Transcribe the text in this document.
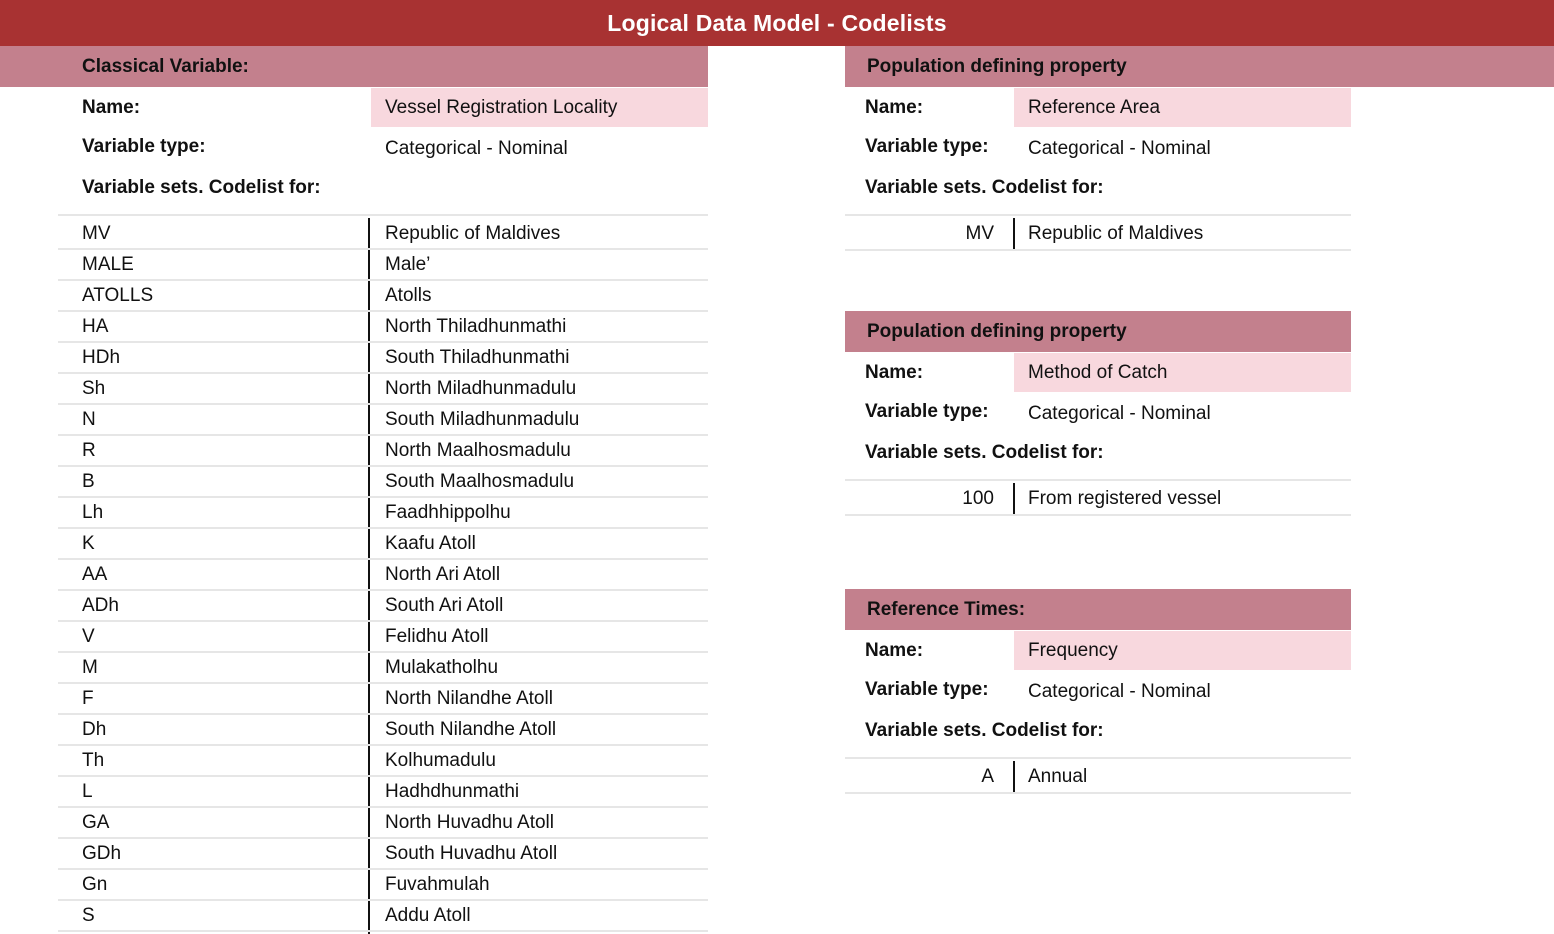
Logical Data Model - Codelists
Classical Variable:
Name:	Vessel Registration Locality
Variable type:	Categorical - Nominal
Variable sets. Codelist for:
MV	Republic of Maldives
MALE	Male’
ATOLLS	Atolls
HA	North Thiladhunmathi
HDh	South Thiladhunmathi
Sh	North Miladhunmadulu
N	South Miladhunmadulu
R	North Maalhosmadulu
B	South Maalhosmadulu
Lh	Faadhhippolhu
K	Kaafu Atoll
AA	North Ari Atoll
ADh	South Ari Atoll
V	Felidhu Atoll
M	Mulakatholhu
F	North Nilandhe Atoll
Dh	South Nilandhe Atoll
Th	Kolhumadulu
L	Hadhdhunmathi
GA	North Huvadhu Atoll
GDh	South Huvadhu Atoll
Gn	Fuvahmulah
S	Addu Atoll
Population defining property
Name:	Reference Area
Variable type: Categorical - Nominal
Variable sets. Codelist for:
MV Republic of Maldives
Population defining property
Name:	Method of Catch
Variable type: Categorical - Nominal
Variable sets. Codelist for:
100 From registered vessel
Reference Times:
Name:	Frequency
Variable type: Categorical - Nominal
Variable sets. Codelist for:
A Annual
